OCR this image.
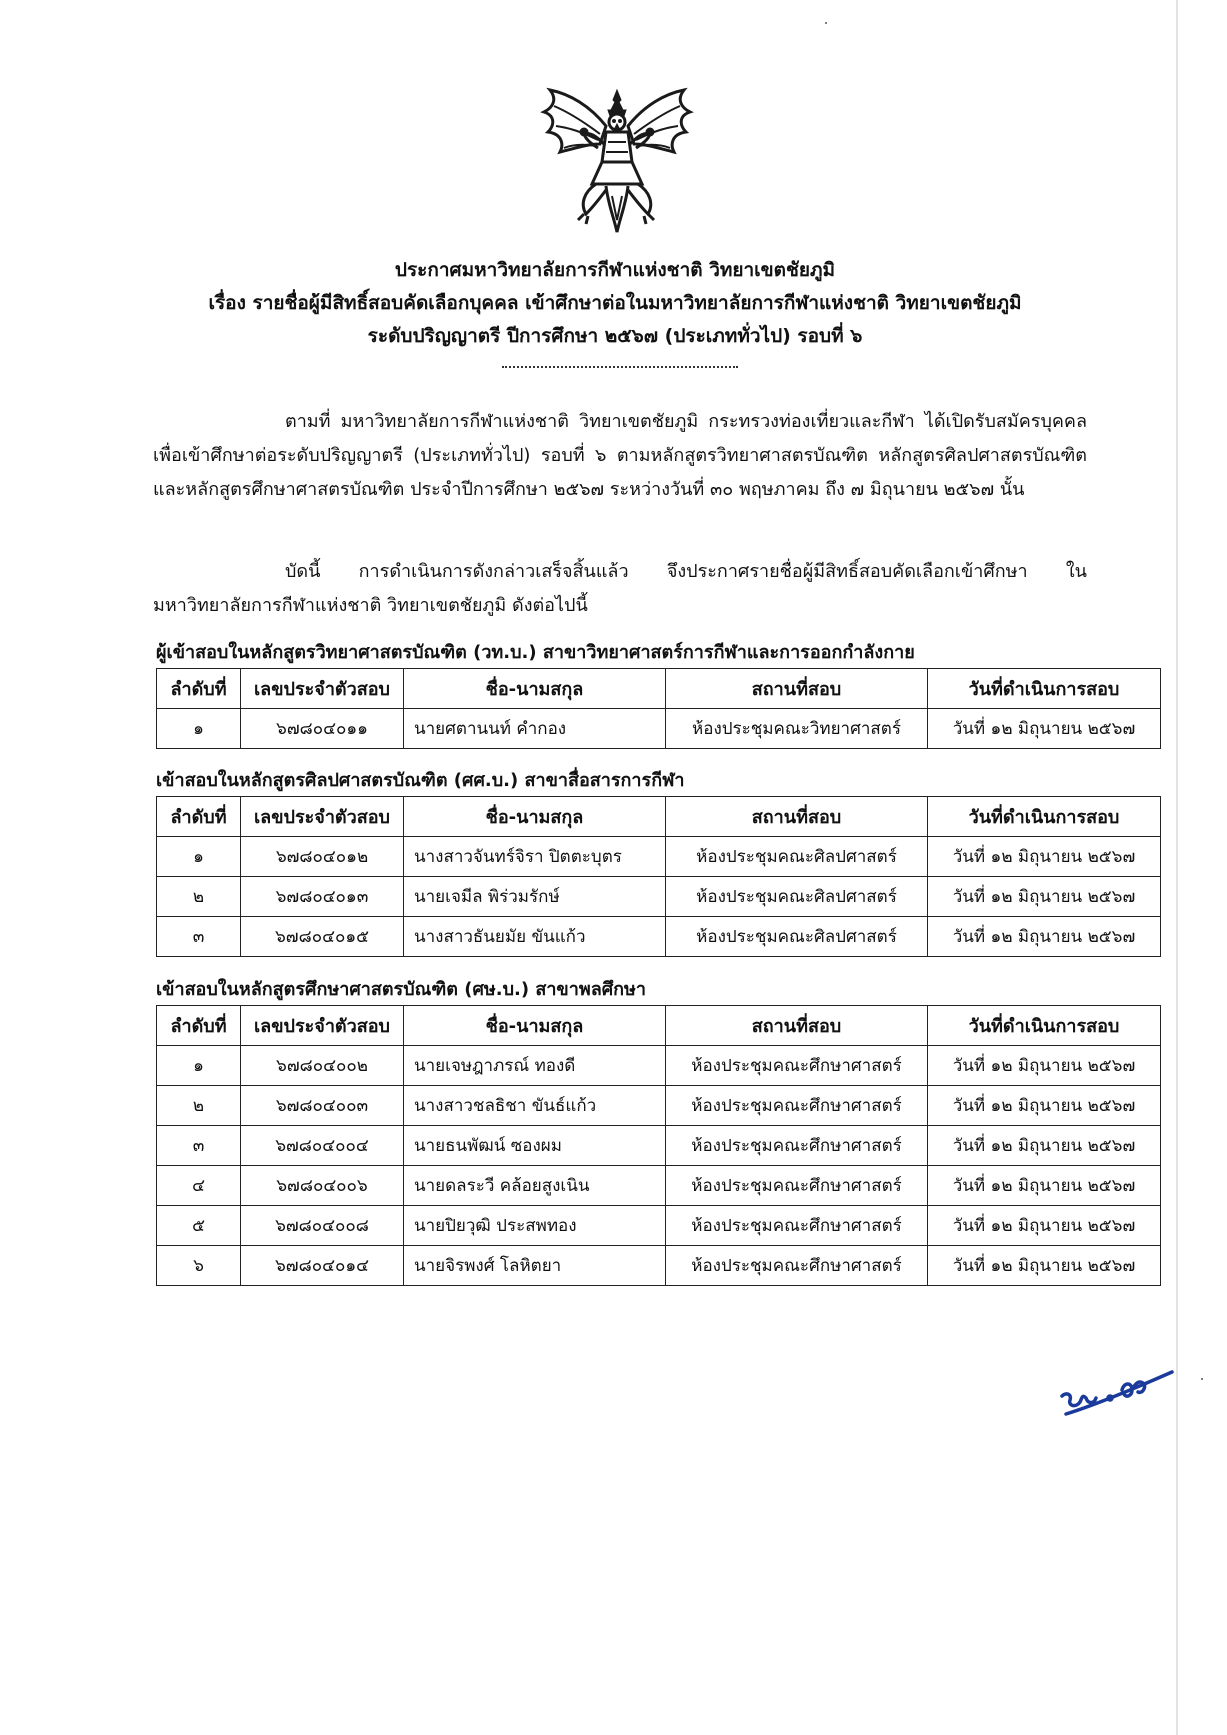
ประกาศมหาวิทยาลัยการกีฬาแห่งชาติ วิทยาเขตชัยภูมิ
เรื่อง รายชื่อผู้มีสิทธิ์สอบคัดเลือกบุคคล เข้าศึกษาต่อในมหาวิทยาลัยการกีฬาแห่งชาติ วิทยาเขตชัยภูมิ
ระดับปริญญาตรี ปีการศึกษา ๒๕๖๗ (ประเภททั่วไป) รอบที่ ๖

ตามที่ มหาวิทยาลัยการกีฬาแห่งชาติ วิทยาเขตชัยภูมิ กระทรวงท่องเที่ยวและกีฬา ได้เปิดรับสมัครบุคคล เพื่อเข้าศึกษาต่อระดับปริญญาตรี (ประเภททั่วไป) รอบที่ ๖ ตามหลักสูตรวิทยาศาสตรบัณฑิต หลักสูตรศิลปศาสตรบัณฑิต และหลักสูตรศึกษาศาสตรบัณฑิต ประจำปีการศึกษา ๒๕๖๗ ระหว่างวันที่ ๓๐ พฤษภาคม ถึง ๗ มิถุนายน ๒๕๖๗ นั้น

บัดนี้ การดำเนินการดังกล่าวเสร็จสิ้นแล้ว จึงประกาศรายชื่อผู้มีสิทธิ์สอบคัดเลือกเข้าศึกษา ในมหาวิทยาลัยการกีฬาแห่งชาติ วิทยาเขตชัยภูมิ ดังต่อไปนี้

ผู้เข้าสอบในหลักสูตรวิทยาศาสตรบัณฑิต (วท.บ.) สาขาวิทยาศาสตร์การกีฬาและการออกกำลังกาย
ลำดับที่	เลขประจำตัวสอบ	ชื่อ-นามสกุล	สถานที่สอบ	วันที่ดำเนินการสอบ
๑	๖๗๘๐๔๐๑๑	นายศตานนท์ คำกอง	ห้องประชุมคณะวิทยาศาสตร์	วันที่ ๑๒ มิถุนายน ๒๕๖๗
เข้าสอบในหลักสูตรศิลปศาสตรบัณฑิต (ศศ.บ.) สาขาสื่อสารการกีฬา
ลำดับที่	เลขประจำตัวสอบ	ชื่อ-นามสกุล	สถานที่สอบ	วันที่ดำเนินการสอบ
๑	๖๗๘๐๔๐๑๒	นางสาวจันทร์จิรา ปิตตะบุตร	ห้องประชุมคณะศิลปศาสตร์	วันที่ ๑๒ มิถุนายน ๒๕๖๗
๒	๖๗๘๐๔๐๑๓	นายเจมีล พิร่วมรักษ์	ห้องประชุมคณะศิลปศาสตร์	วันที่ ๑๒ มิถุนายน ๒๕๖๗
๓	๖๗๘๐๔๐๑๕	นางสาวธันยมัย ขันแก้ว	ห้องประชุมคณะศิลปศาสตร์	วันที่ ๑๒ มิถุนายน ๒๕๖๗
เข้าสอบในหลักสูตรศึกษาศาสตรบัณฑิต (ศษ.บ.) สาขาพลศึกษา
ลำดับที่	เลขประจำตัวสอบ	ชื่อ-นามสกุล	สถานที่สอบ	วันที่ดำเนินการสอบ
๑	๖๗๘๐๔๐๐๒	นายเจษฎาภรณ์ ทองดี	ห้องประชุมคณะศึกษาศาสตร์	วันที่ ๑๒ มิถุนายน ๒๕๖๗
๒	๖๗๘๐๔๐๐๓	นางสาวชลธิชา ขันธ์แก้ว	ห้องประชุมคณะศึกษาศาสตร์	วันที่ ๑๒ มิถุนายน ๒๕๖๗
๓	๖๗๘๐๔๐๐๔	นายธนพัฒน์ ซองผม	ห้องประชุมคณะศึกษาศาสตร์	วันที่ ๑๒ มิถุนายน ๒๕๖๗
๔	๖๗๘๐๔๐๐๖	นายดลระวี คล้อยสูงเนิน	ห้องประชุมคณะศึกษาศาสตร์	วันที่ ๑๒ มิถุนายน ๒๕๖๗
๕	๖๗๘๐๔๐๐๘	นายปิยวุฒิ ประสพทอง	ห้องประชุมคณะศึกษาศาสตร์	วันที่ ๑๒ มิถุนายน ๒๕๖๗
๖	๖๗๘๐๔๐๑๔	นายจิรพงศ์ โลหิตยา	ห้องประชุมคณะศึกษาศาสตร์	วันที่ ๑๒ มิถุนายน ๒๕๖๗
